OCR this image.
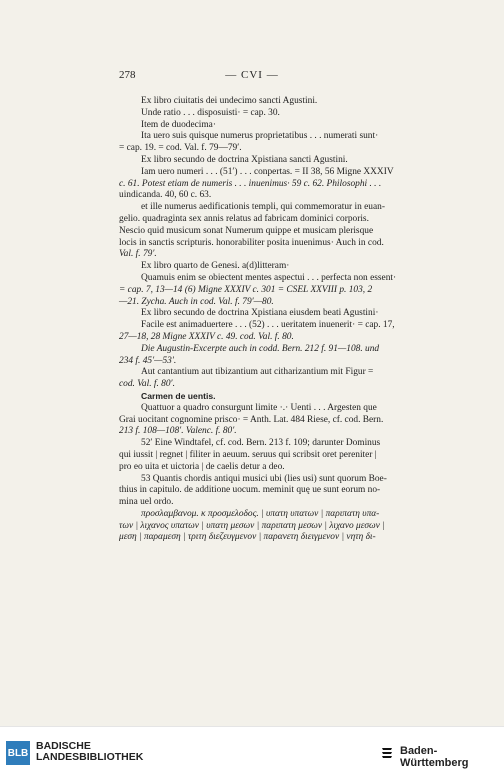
278	— CVI —

Ex libro ciuitatis dei undecimo sancti Agustini.

Unde ratio . . . disposuisti· = cap. 30.

Item de duodecima·

Ita uero suis quisque numerus proprietatibus . . . numerati sunt·

= cap. 19. = cod. Val. f. 79—79′.

Ex libro secundo de doctrina Xpistiana sancti Agustini.

Iam uero numeri . . . (51′) . . . conpertas. = II 38, 56 Migne XXXIV

c. 61. Potest etiam de numeris . . . inuenimus· 59 c. 62. Philosophi . . .

uindicanda. 40, 60 c. 63.

et ille numerus aedificationis templi, qui commemoratur in euan-

gelio. quadraginta sex annis relatus ad fabricam dominici corporis.

Nescio quid musicum sonat Numerum quippe et musicam plerisque

locis in sanctis scripturis. honorabiliter posita inuenimus· Auch in cod.

Val. f. 79′.

Ex libro quarto de Genesi. a(d)litteram·

Quamuis enim se obiectent mentes aspectui . . . perfecta non essent·

= cap. 7, 13—14 (6) Migne XXXIV c. 301 = CSEL XXVIII p. 103, 2

—21. Zycha. Auch in cod. Val. f. 79′—80.

Ex libro secundo de doctrina Xpistiana eiusdem beati Agustini·

Facile est animaduertere . . . (52) . . . ueritatem inuenerit· = cap. 17,

27—18, 28 Migne XXXIV c. 49. cod. Val. f. 80.

Die Augustin-Excerpte auch in codd. Bern. 212 f. 91—108. und

234 f. 45′—53′.

Aut cantantium aut tibizantium aut citharizantium mit Figur =

cod. Val. f. 80′.

Carmen de uentis.

Quattuor a quadro consurgunt limite ·.· Uenti . . . Argesten que

Grai uocitant cognomine prisco· = Anth. Lat. 484 Riese, cf. cod. Bern.

213 f. 108—108′. Valenc. f. 80′.

52′ Eine Windtafel, cf. cod. Bern. 213 f. 109; darunter Dominus

qui iussit | regnet | filiter in aeuum. seruus qui scribsit oret pereniter |

pro eo uita et uictoria | de caelis detur a deo.

53 Quantis chordis antiqui musici ubi (lies usi) sunt quorum Boe-

thius in capitulo. de additione uocum. meminit quę ue sunt eorum no-

mina uel ordo.

προσλαμβανομ. κ προσμελοδος. | υπατη υπατων | παριπατη υπα-

των | λιχανος υπατων | υπατη μεσων | παριπατη μεσων | λιχανο μεσων |

μεση | παραμεση | τριτη διεζευγμενον | παρανετη διειγμενον | νητη δι-

BLB
BADISCHE
LANDESBIBLIOTHEK	Baden-Württemberg
